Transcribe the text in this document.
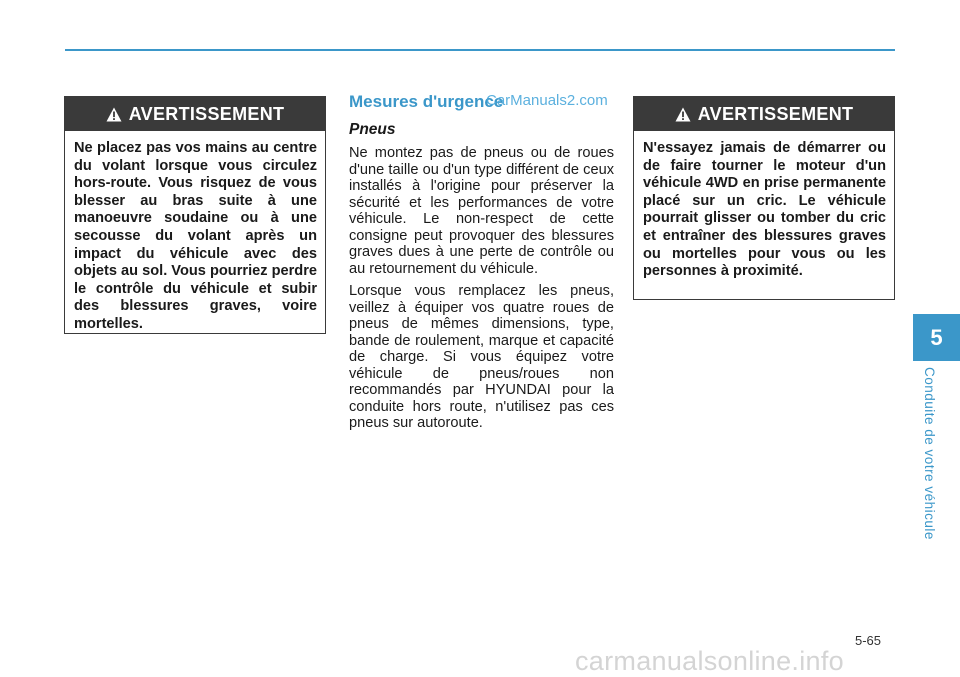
AVERTISSEMENT
Ne placez pas vos mains au centre du volant lorsque vous circulez hors-route. Vous risquez de vous blesser au bras suite à une manoeuvre soudaine ou à une secousse du volant après un impact du véhicule avec des objets au sol. Vous pourriez perdre le contrôle du véhicule et subir des blessures graves, voire mortelles.
Mesures d'urgence
CarManuals2.com
Pneus

Ne montez pas de pneus ou de roues d'une taille ou d'un type différent de ceux installés à l'origine pour préserver la sécurité et les performances de votre véhicule. Le non-respect de cette consigne peut provoquer des blessures graves dues à une perte de contrôle ou au retournement du véhicule.

Lorsque vous remplacez les pneus, veillez à équiper vos quatre roues de pneus de mêmes dimensions, type, bande de roulement, marque et capacité de charge. Si vous équipez votre véhicule de pneus/roues non recommandés par HYUNDAI pour la conduite hors route, n'utilisez pas ces pneus sur autoroute.

AVERTISSEMENT
N'essayez jamais de démarrer ou de faire tourner le moteur d'un véhicule 4WD en prise permanente placé sur un cric. Le véhicule pourrait glisser ou tomber du cric et entraîner des blessures graves ou mortelles pour vous ou les personnes à proximité.
5
Conduite de votre véhicule
5-65
carmanualsonline.info
